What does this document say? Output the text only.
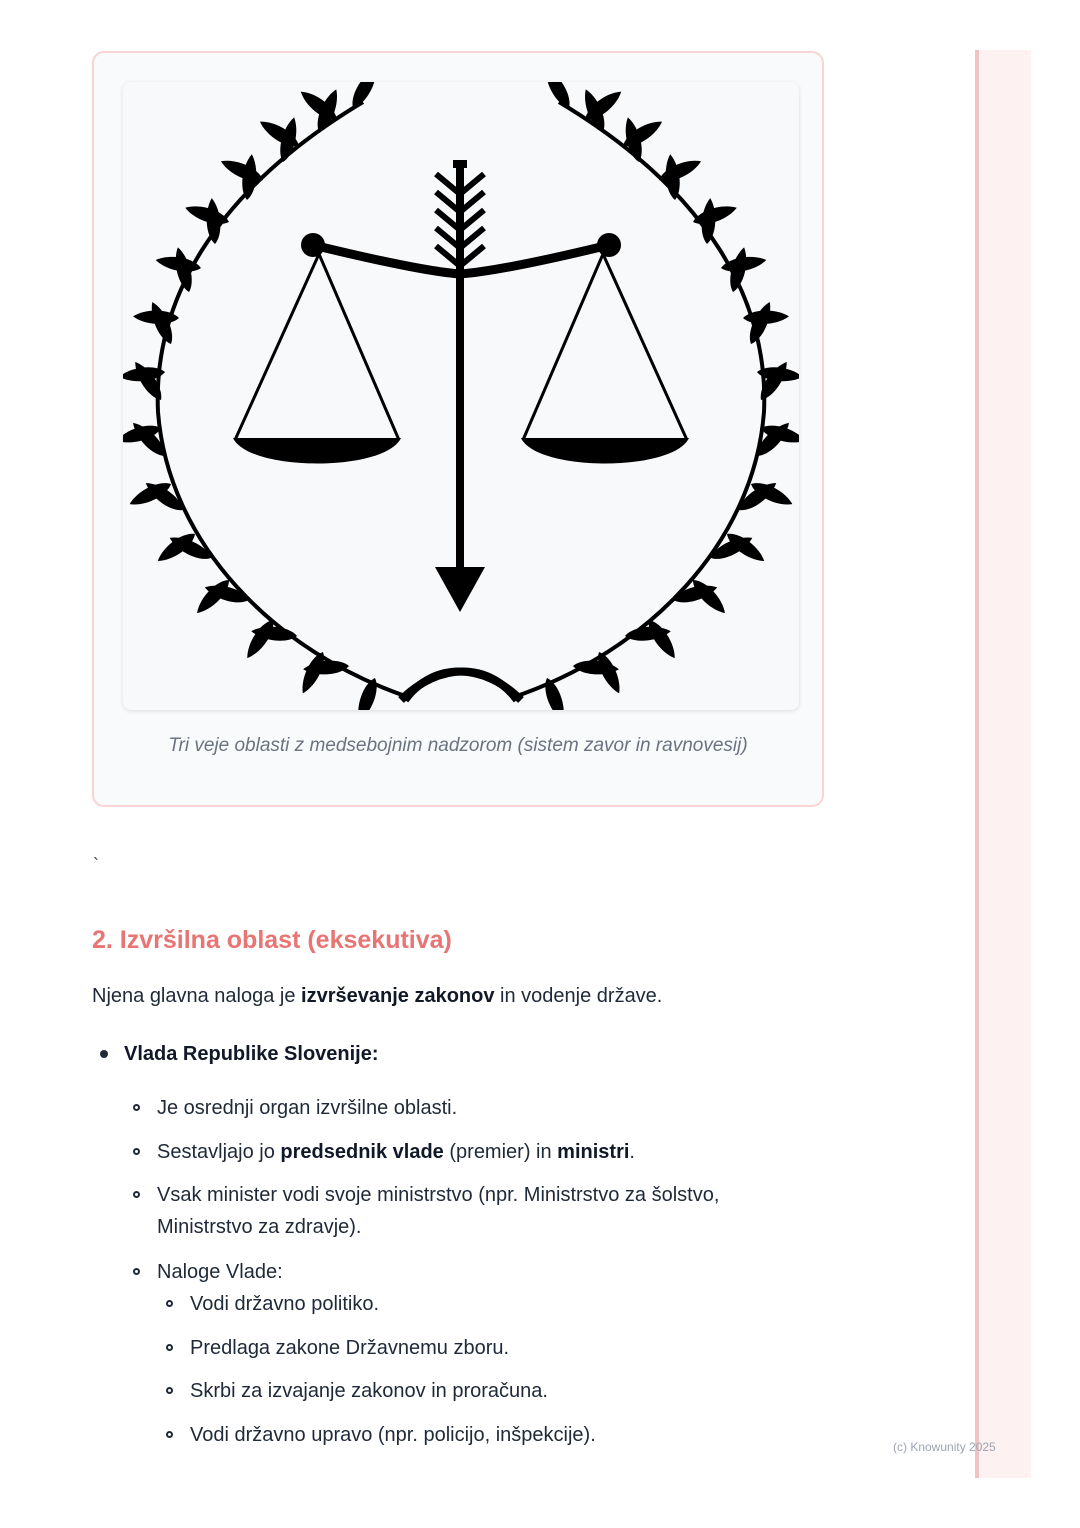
Tri veje oblasti z medsebojnim nadzorom (sistem zavor in ravnovesij)
`
2. Izvršilna oblast (eksekutiva)

Njena glavna naloga je izvrševanje zakonov in vodenje države.

Vlada Republike Slovenije:
Je osrednji organ izvršilne oblasti.
Sestavljajo jo predsednik vlade (premier) in ministri.
Vsak minister vodi svoje ministrstvo (npr. Ministrstvo za šolstvo,
Ministrstvo za zdravje).
Naloge Vlade:
Vodi državno politiko.
Predlaga zakone Državnemu zboru.
Skrbi za izvajanje zakonov in proračuna.
Vodi državno upravo (npr. policijo, inšpekcije).
(c) Knowunity 2025
